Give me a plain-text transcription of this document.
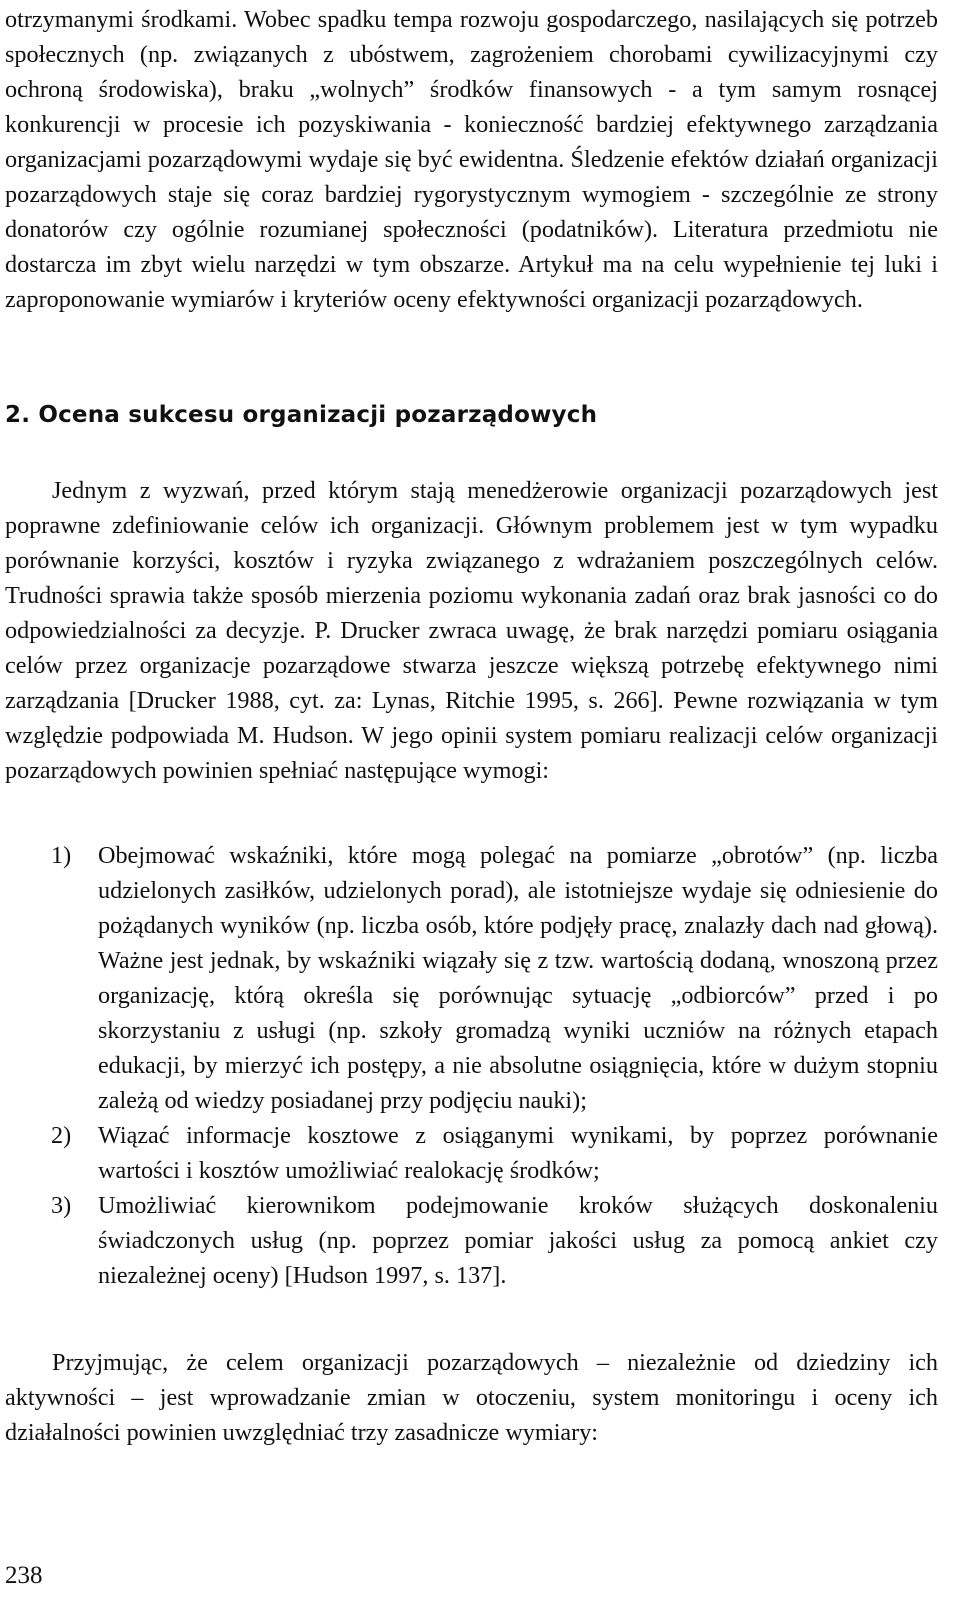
otrzymanymi środkami. Wobec spadku tempa rozwoju gospodarczego, nasilających się potrzeb społecznych (np. związanych z ubóstwem, zagrożeniem chorobami cywilizacyjnymi czy ochroną środowiska), braku „wolnych” środków finansowych - a tym samym rosnącej konkurencji w procesie ich pozyskiwania - konieczność bardziej efektywnego zarządzania organizacjami pozarządowymi wydaje się być ewidentna. Śledzenie efektów działań organizacji pozarządowych staje się coraz bardziej rygorystycznym wymogiem - szczególnie ze strony donatorów czy ogólnie rozumianej społeczności (podatników). Literatura przedmiotu nie dostarcza im zbyt wielu narzędzi w tym obszarze. Artykuł ma na celu wypełnienie tej luki i zaproponowanie wymiarów i kryteriów oceny efektywności organizacji pozarządowych.

2. Ocena sukcesu organizacji pozarządowych

Jednym z wyzwań, przed którym stają menedżerowie organizacji pozarządowych jest poprawne zdefiniowanie celów ich organizacji. Głównym problemem jest w tym wypadku porównanie korzyści, kosztów i ryzyka związanego z wdrażaniem poszczególnych celów. Trudności sprawia także sposób mierzenia poziomu wykonania zadań oraz brak jasności co do odpowiedzialności za decyzje. P. Drucker zwraca uwagę, że brak narzędzi pomiaru osiągania celów przez organizacje pozarządowe stwarza jeszcze większą potrzebę efektywnego nimi zarządzania [Drucker 1988, cyt. za: Lynas, Ritchie 1995, s. 266]. Pewne rozwiązania w tym względzie podpowiada M. Hudson. W jego opinii system pomiaru realizacji celów organizacji pozarządowych powinien spełniać następujące wymogi:

1) Obejmować wskaźniki, które mogą polegać na pomiarze „obrotów” (np. liczba udzielonych zasiłków, udzielonych porad), ale istotniejsze wydaje się odniesienie do pożądanych wyników (np. liczba osób, które podjęły pracę, znalazły dach nad głową). Ważne jest jednak, by wskaźniki wiązały się z tzw. wartością dodaną, wnoszoną przez organizację, którą określa się porównując sytuację „odbiorców” przed i po skorzystaniu z usługi (np. szkoły gromadzą wyniki uczniów na różnych etapach edukacji, by mierzyć ich postępy, a nie absolutne osiągnięcia, które w dużym stopniu zależą od wiedzy posiadanej przy podjęciu nauki);
2) Wiązać informacje kosztowe z osiąganymi wynikami, by poprzez porównanie wartości i kosztów umożliwiać realokację środków;
3) Umożliwiać kierownikom podejmowanie kroków służących doskonaleniu świadczonych usług (np. poprzez pomiar jakości usług za pomocą ankiet czy niezależnej oceny) [Hudson 1997, s. 137].

Przyjmując, że celem organizacji pozarządowych – niezależnie od dziedziny ich aktywności – jest wprowadzanie zmian w otoczeniu, system monitoringu i oceny ich działalności powinien uwzględniać trzy zasadnicze wymiary:

238
